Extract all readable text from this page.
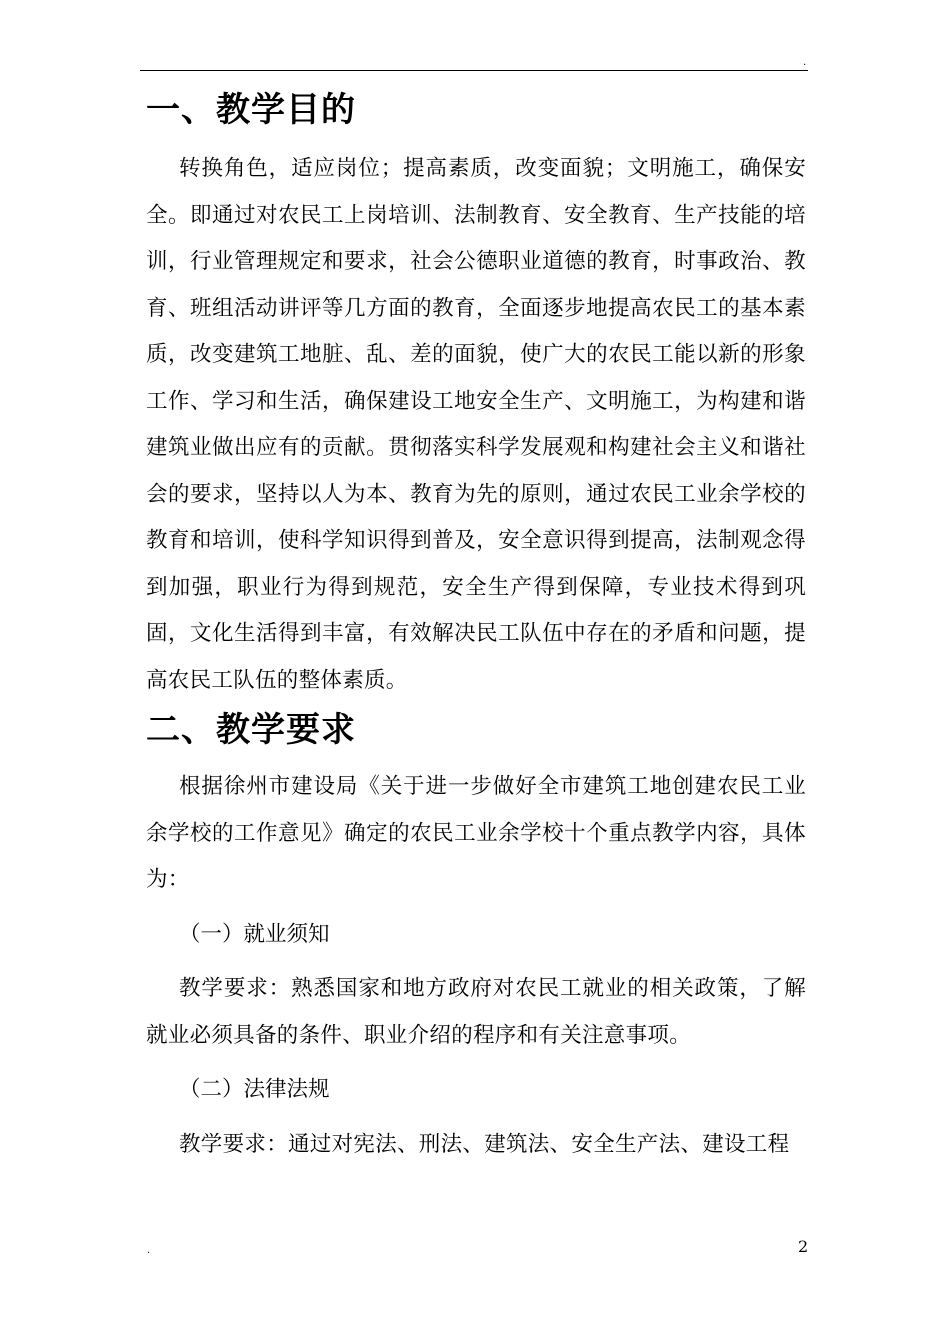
.
一、教学目的

转换角色，适应岗位；提高素质，改变面貌；文明施工，确保安全。即通过对农民工上岗培训、法制教育、安全教育、生产技能的培训，行业管理规定和要求，社会公德职业道德的教育，时事政治、教育、班组活动讲评等几方面的教育，全面逐步地提高农民工的基本素质，改变建筑工地脏、乱、差的面貌，使广大的农民工能以新的形象工作、学习和生活，确保建设工地安全生产、文明施工，为构建和谐建筑业做出应有的贡献。贯彻落实科学发展观和构建社会主义和谐社会的要求，坚持以人为本、教育为先的原则，通过农民工业余学校的教育和培训，使科学知识得到普及，安全意识得到提高，法制观念得到加强，职业行为得到规范，安全生产得到保障，专业技术得到巩固，文化生活得到丰富，有效解决民工队伍中存在的矛盾和问题，提高农民工队伍的整体素质。

二、教学要求

根据徐州市建设局《关于进一步做好全市建筑工地创建农民工业余学校的工作意见》确定的农民工业余学校十个重点教学内容，具体为：

（一）就业须知

教学要求：熟悉国家和地方政府对农民工就业的相关政策，了解就业必须具备的条件、职业介绍的程序和有关注意事项。

（二）法律法规

教学要求：通过对宪法、刑法、建筑法、安全生产法、建设工程

.	2
